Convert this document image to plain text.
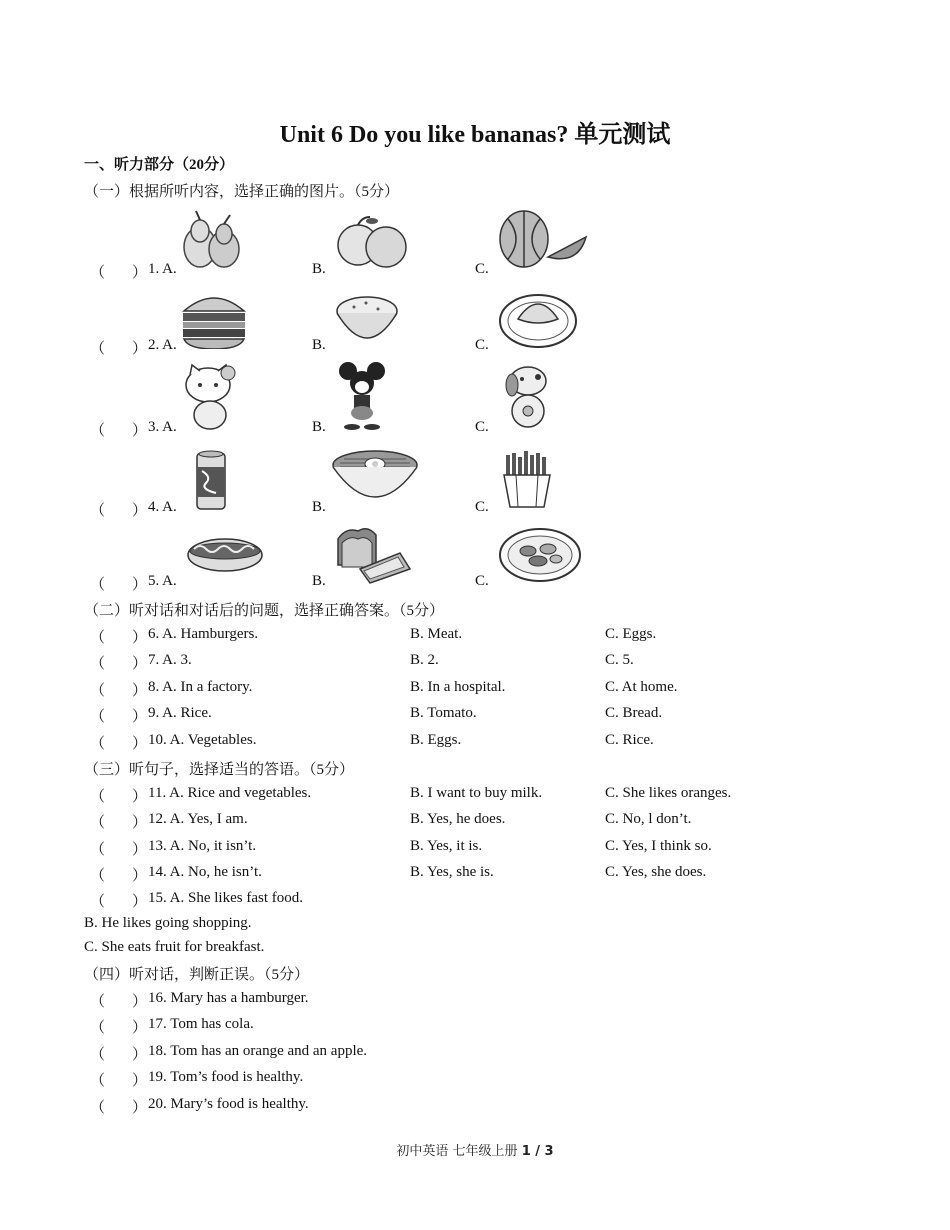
Unit 6 Do you like bananas? 单元测试
一、听力部分（20分）
（一）根据所听内容，选择正确的图片。（5分）
（ ） 1. A.	B.	C.
（ ） 2. A.	B.	C.
（ ） 3. A.	B.	C.
（ ） 4. A.	B.	C.
（ ） 5. A.	B.	C.
（二）听对话和对话后的问题，选择正确答案。（5分）
（ ） 6. A. Hamburgers.	B. Meat.	C. Eggs.
（ ） 7. A. 3.	B. 2.	C. 5.
（ ） 8. A. In a factory.	B. In a hospital.	C. At home.
（ ） 9. A. Rice.	B. Tomato.	C. Bread.
（ ） 10. A. Vegetables.	B. Eggs.	C. Rice.
（三）听句子，选择适当的答语。（5分）
（ ） 11. A. Rice and vegetables.	B. I want to buy milk.	C. She likes oranges.
（ ） 12. A. Yes, I am.	B. Yes, he does.	C. No, l don’t.
（ ） 13. A. No, it isn’t.	B. Yes, it is.	C. Yes, I think so.
（ ） 14. A. No, he isn’t.	B. Yes, she is.	C. Yes, she does.
（ ） 15. A. She likes fast food.
B. He likes going shopping.
C. She eats fruit for breakfast.
（四）听对话，判断正误。（5分）
（ ） 16. Mary has a hamburger.
（ ） 17. Tom has cola.
（ ） 18. Tom has an orange and an apple.
（ ） 19. Tom’s food is healthy.
（ ） 20. Mary’s food is healthy.
初中英语 七年级上册 1 / 3
